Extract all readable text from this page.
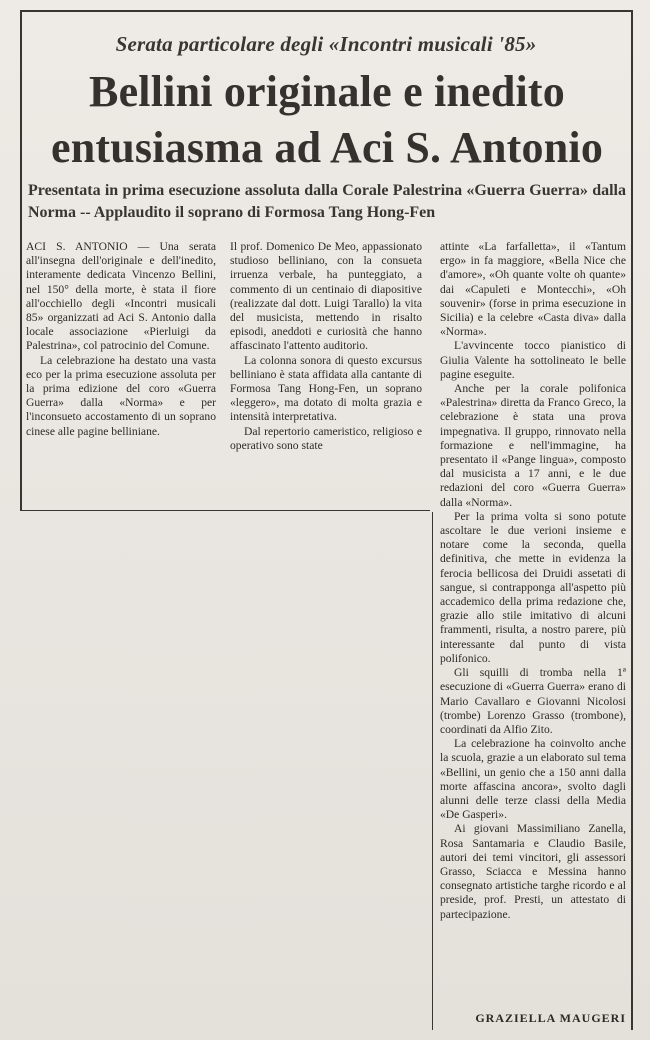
Serata particolare degli «Incontri musicali '85»
Bellini originale e inedito
entusiasma ad Aci S. Antonio
Presentata in prima esecuzione assoluta dalla Corale Palestrina «Guerra Guerra» dalla Norma -- Applaudito il soprano di Formosa Tang Hong-Fen

ACI S. ANTONIO — Una serata all'insegna dell'originale e dell'inedito, interamente dedicata Vincenzo Bellini, nel 150° della morte, è stata il fiore all'occhiello degli «Incontri musicali 85» organizzati ad Aci S. Antonio dalla locale associazione «Pierluigi da Palestrina», col patrocinio del Comune.

La celebrazione ha destato una vasta eco per la prima esecuzione assoluta per la prima edizione del coro «Guerra Guerra» dalla «Norma» e per l'inconsueto accostamento di un soprano cinese alle pagine belliniane.

Il prof. Domenico De Meo, appassionato studioso belliniano, con la consueta irruenza verbale, ha punteggiato, a commento di un centinaio di diapositive (realizzate dal dott. Luigi Tarallo) la vita del musicista, mettendo in risalto episodi, aneddoti e curiosità che hanno affascinato l'attento auditorio.

La colonna sonora di questo excursus belliniano è stata affidata alla cantante di Formosa Tang Hong-Fen, un soprano «leggero», ma dotato di molta grazia e intensità interpretativa.

Dal repertorio cameristico, religioso e operativo sono state

attinte «La farfalletta», il «Tantum ergo» in fa maggiore, «Bella Nice che d'amore», «Oh quante volte oh quante» dai «Capuleti e Montecchi», «Oh souvenir» (forse in prima esecuzione in Sicilia) e la celebre «Casta diva» dalla «Norma».

L'avvincente tocco pianistico di Giulia Valente ha sottolineato le belle pagine eseguite.

Anche per la corale polifonica «Palestrina» diretta da Franco Greco, la celebrazione è stata una prova impegnativa. Il gruppo, rinnovato nella formazione e nell'immagine, ha presentato il «Pange lingua», composto dal musicista a 17 anni, e le due redazioni del coro «Guerra Guerra» dalla «Norma».

Per la prima volta si sono potute ascoltare le due verioni insieme e notare come la seconda, quella definitiva, che mette in evidenza la ferocia bellicosa dei Druidi assetati di sangue, si contrapponga all'aspetto più accademico della prima redazione che, grazie allo stile imitativo di alcuni frammenti, risulta, a nostro parere, più interessante dal punto di vista polifonico.

Gli squilli di tromba nella 1ª esecuzione di «Guerra Guerra» erano di Mario Cavallaro e Giovanni Nicolosi (trombe) Lorenzo Grasso (trombone), coordinati da Alfio Zito.

La celebrazione ha coinvolto anche la scuola, grazie a un elaborato sul tema «Bellini, un genio che a 150 anni dalla morte affascina ancora», svolto dagli alunni delle terze classi della Media «De Gasperi».

Ai giovani Massimiliano Zanella, Rosa Santamaria e Claudio Basile, autori dei temi vincitori, gli assessori Grasso, Sciacca e Messina hanno consegnato artistiche targhe ricordo e al preside, prof. Presti, un attestato di partecipazione.

GRAZIELLA MAUGERI
